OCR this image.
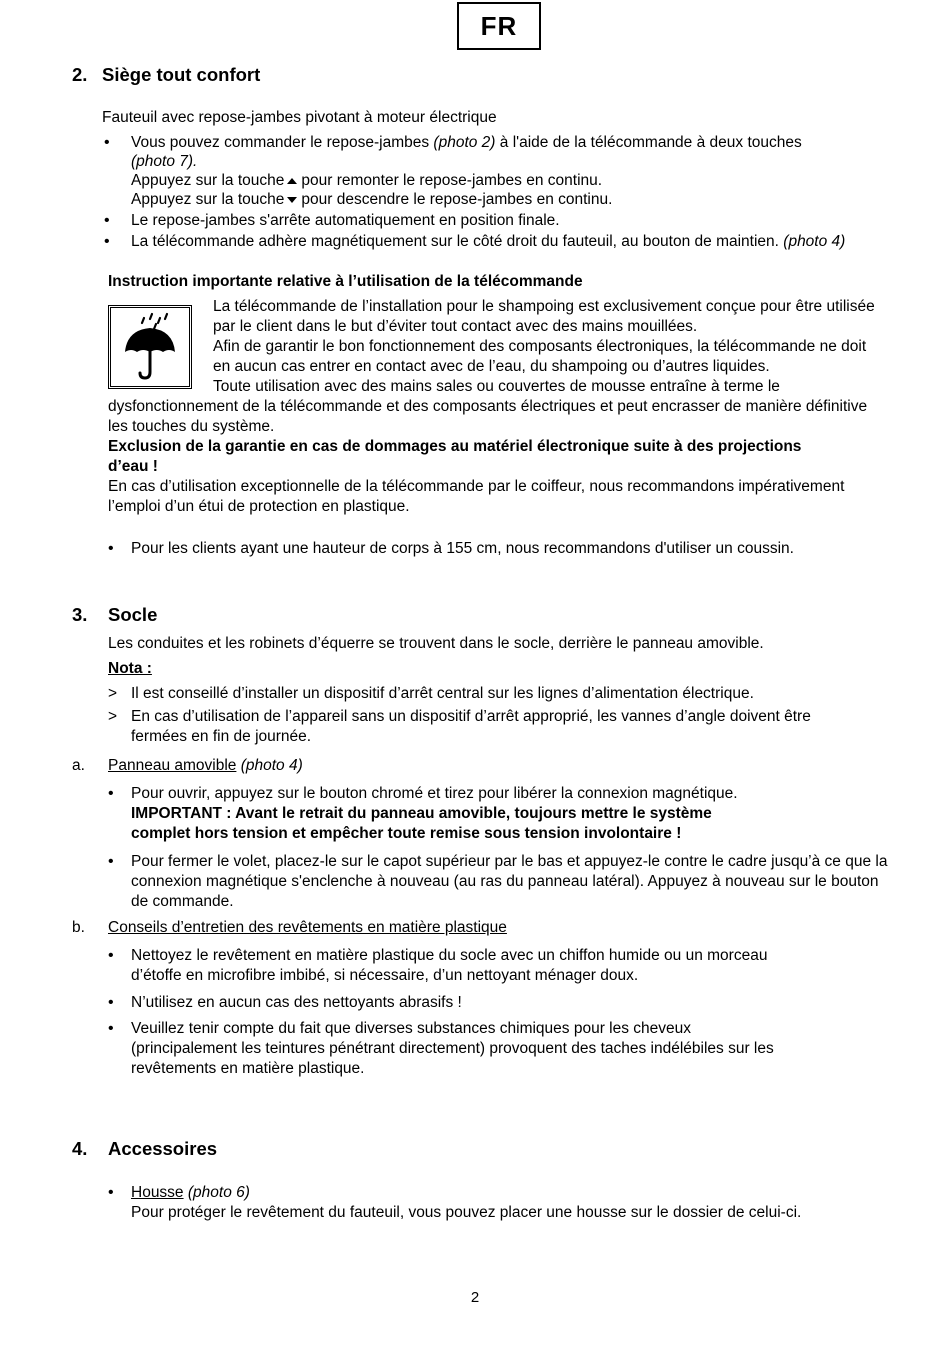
FR
2. Siège tout confort
Fauteuil avec repose-jambes pivotant à moteur électrique
• Vous pouvez commander le repose-jambes (photo 2) à l'aide de la télécommande à deux touches
(photo 7).
Appuyez sur la touche pour remonter le repose-jambes en continu.
Appuyez sur la touche pour descendre le repose-jambes en continu.
• Le repose-jambes s'arrête automatiquement en position finale.
• La télécommande adhère magnétiquement sur le côté droit du fauteuil, au bouton de maintien. (photo 4)
Instruction importante relative à l’utilisation de la télécommande
La télécommande de l’installation pour le shampoing est exclusivement conçue pour être utilisée
par le client dans le but d’éviter tout contact avec des mains mouillées.
Afin de garantir le bon fonctionnement des composants électroniques, la télécommande ne doit
en aucun cas entrer en contact avec de l’eau, du shampoing ou d’autres liquides.
Toute utilisation avec des mains sales ou couvertes de mousse entraîne à terme le
dysfonctionnement de la télécommande et des composants électriques et peut encrasser de manière définitive
les touches du système.
Exclusion de la garantie en cas de dommages au matériel électronique suite à des projections
d’eau !
En cas d’utilisation exceptionnelle de la télécommande par le coiffeur, nous recommandons impérativement
l’emploi d’un étui de protection en plastique.
• Pour les clients ayant une hauteur de corps à 155 cm, nous recommandons d'utiliser un coussin.
3. Socle
Les conduites et les robinets d’équerre se trouvent dans le socle, derrière le panneau amovible.
Nota :
> Il est conseillé d’installer un dispositif d’arrêt central sur les lignes d’alimentation électrique.
> En cas d’utilisation de l’appareil sans un dispositif d’arrêt approprié, les vannes d’angle doivent être
fermées en fin de journée.
a. Panneau amovible (photo 4)
• Pour ouvrir, appuyez sur le bouton chromé et tirez pour libérer la connexion magnétique.
IMPORTANT : Avant le retrait du panneau amovible, toujours mettre le système
complet hors tension et empêcher toute remise sous tension involontaire !
• Pour fermer le volet, placez-le sur le capot supérieur par le bas et appuyez-le contre le cadre jusqu’à ce que la
connexion magnétique s'enclenche à nouveau (au ras du panneau latéral). Appuyez à nouveau sur le bouton
de commande.
b. Conseils d’entretien des revêtements en matière plastique
• Nettoyez le revêtement en matière plastique du socle avec un chiffon humide ou un morceau
d’étoffe en microfibre imbibé, si nécessaire, d’un nettoyant ménager doux.
• N’utilisez en aucun cas des nettoyants abrasifs !
• Veuillez tenir compte du fait que diverses substances chimiques pour les cheveux
(principalement les teintures pénétrant directement) provoquent des taches indélébiles sur les
revêtements en matière plastique.
4. Accessoires
• Housse (photo 6)
Pour protéger le revêtement du fauteuil, vous pouvez placer une housse sur le dossier de celui-ci.
2
